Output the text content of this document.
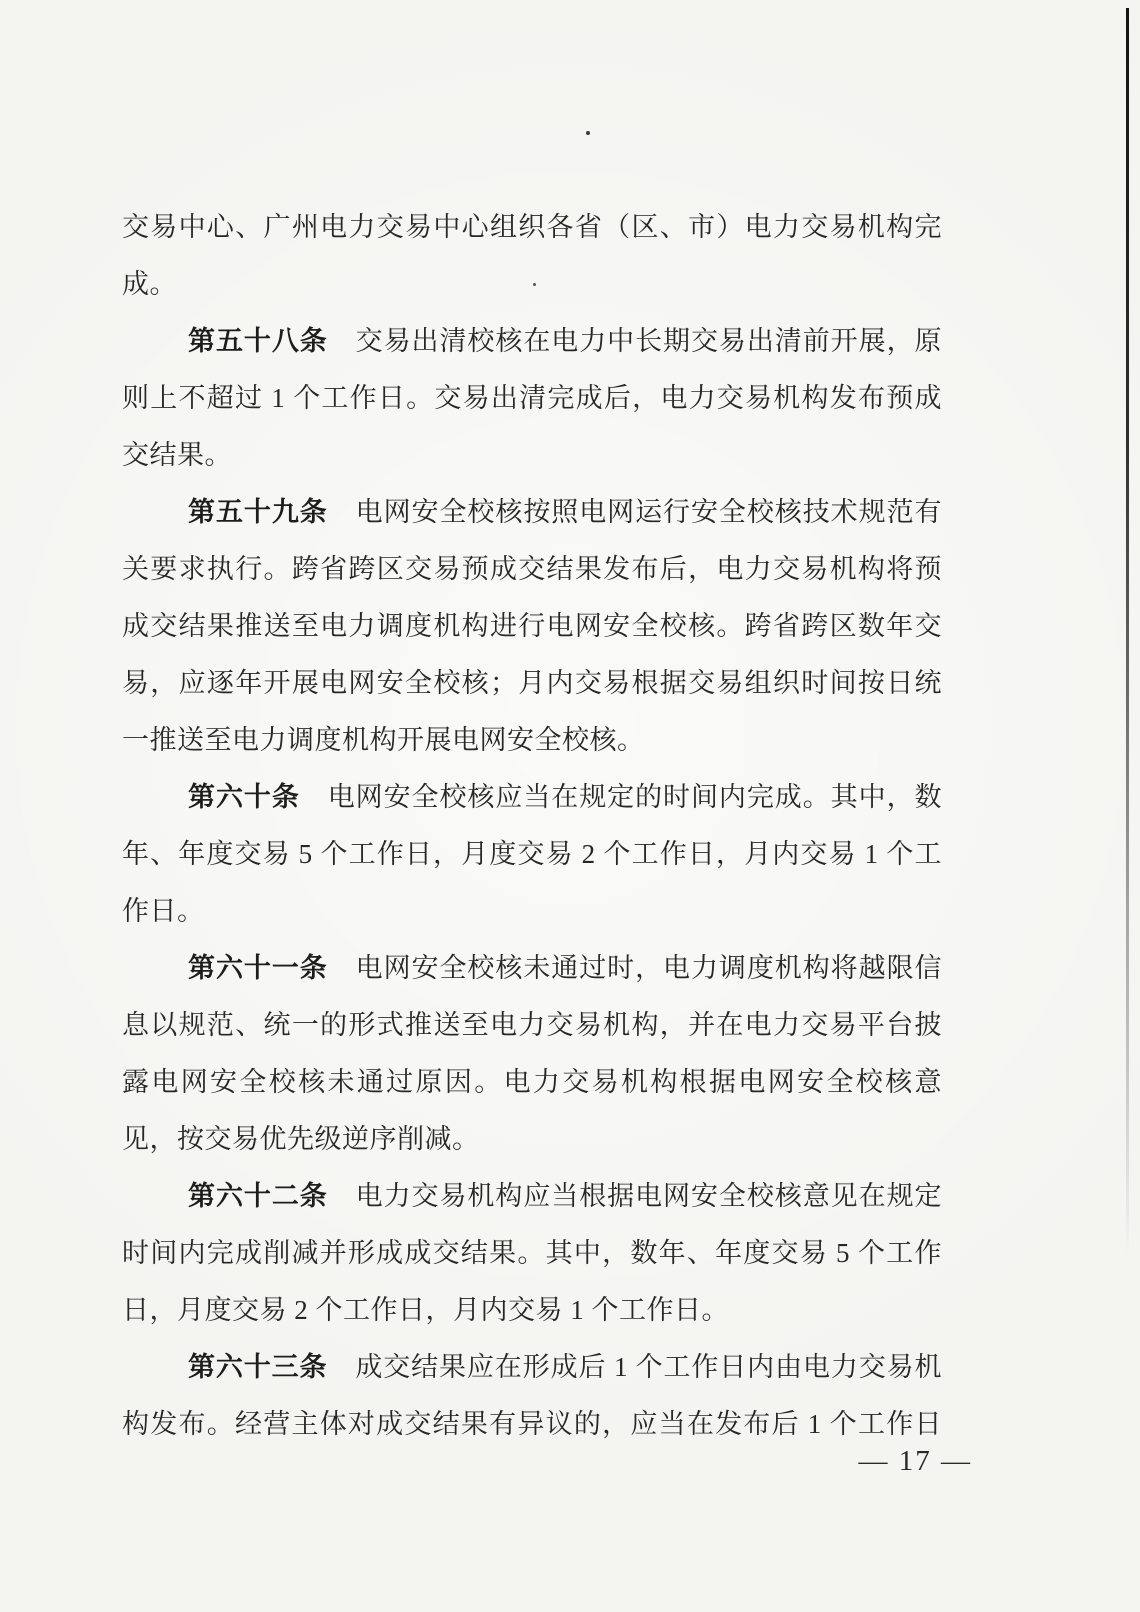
交易中心、广州电力交易中心组织各省（区、市）电力交易机构完
成。
第五十八条　交易出清校核在电力中长期交易出清前开展，原
则上不超过 1 个工作日。交易出清完成后，电力交易机构发布预成
交结果。
第五十九条　电网安全校核按照电网运行安全校核技术规范有
关要求执行。跨省跨区交易预成交结果发布后，电力交易机构将预
成交结果推送至电力调度机构进行电网安全校核。跨省跨区数年交
易，应逐年开展电网安全校核；月内交易根据交易组织时间按日统
一推送至电力调度机构开展电网安全校核。
第六十条　电网安全校核应当在规定的时间内完成。其中，数
年、年度交易 5 个工作日，月度交易 2 个工作日，月内交易 1 个工
作日。
第六十一条　电网安全校核未通过时，电力调度机构将越限信
息以规范、统一的形式推送至电力交易机构，并在电力交易平台披
露电网安全校核未通过原因。电力交易机构根据电网安全校核意
见，按交易优先级逆序削减。
第六十二条　电力交易机构应当根据电网安全校核意见在规定
时间内完成削减并形成成交结果。其中，数年、年度交易 5 个工作
日，月度交易 2 个工作日，月内交易 1 个工作日。
第六十三条　成交结果应在形成后 1 个工作日内由电力交易机
构发布。经营主体对成交结果有异议的，应当在发布后 1 个工作日
— 17 —
